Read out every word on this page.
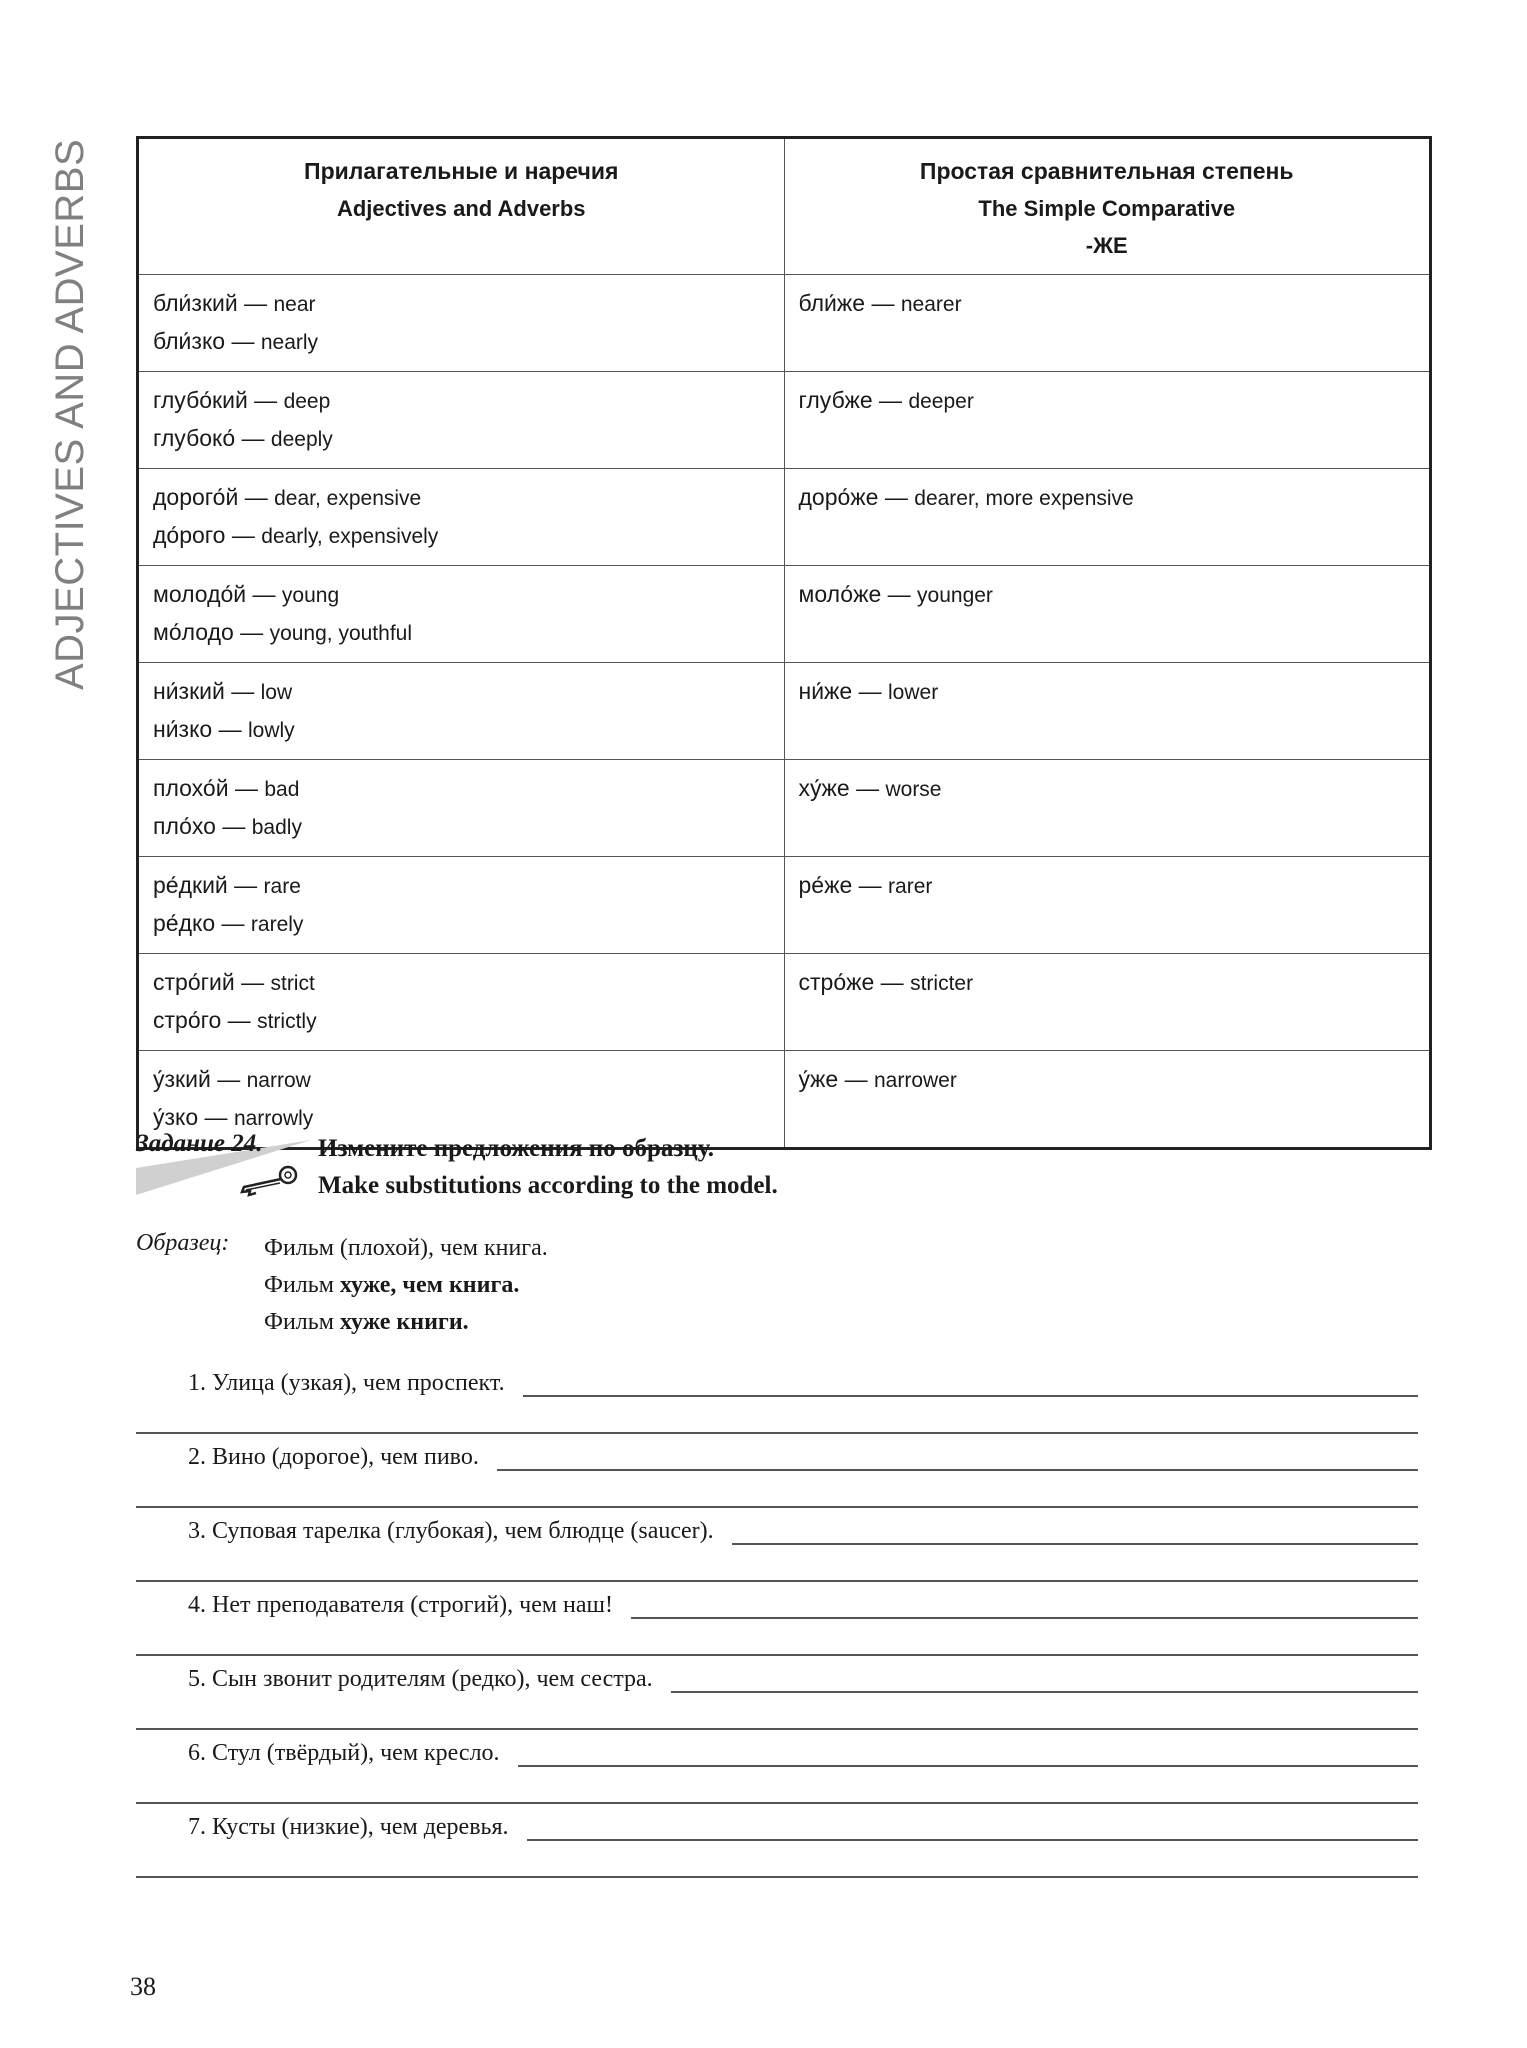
ADJECTIVES AND ADVERBS	Прилагательные и наречия
Adjectives and Adverbs

Простая сравнительная степень
The Simple Comparative
-ЖЕ

бли́зкий — near
бли́зко — nearly	бли́же — nearer

глубо́кий — deep
глубоко́ — deeply	глубже — deeper

дорого́й — dear, expensive
до́рого — dearly, expensively	доро́же — dearer, more expensive

молодо́й — young
мо́лодо — young, youthful	моло́же — younger

ни́зкий — low
ни́зко — lowly	ни́же — lower

плохо́й — bad
пло́хо — badly	ху́же — worse

ре́дкий — rare
ре́дко — rarely	ре́же — rarer

стро́гий — strict
стро́го — strictly	стро́же — stricter

у́зкий — narrow
у́зко — narrowly	у́же — narrower
Задание 24. Измените предложения по образцу.
Make substitutions according to the model.
Образец: Фильм (плохой), чем книга.
Фильм хуже, чем книга.
Фильм хуже книги.
1. Улица (узкая), чем проспект.
2. Вино (дорогое), чем пиво.
3. Суповая тарелка (глубокая), чем блюдце (saucer).
4. Нет преподавателя (строгий), чем наш!
5. Сын звонит родителям (редко), чем сестра.
6. Стул (твёрдый), чем кресло.
7. Кусты (низкие), чем деревья.
38
